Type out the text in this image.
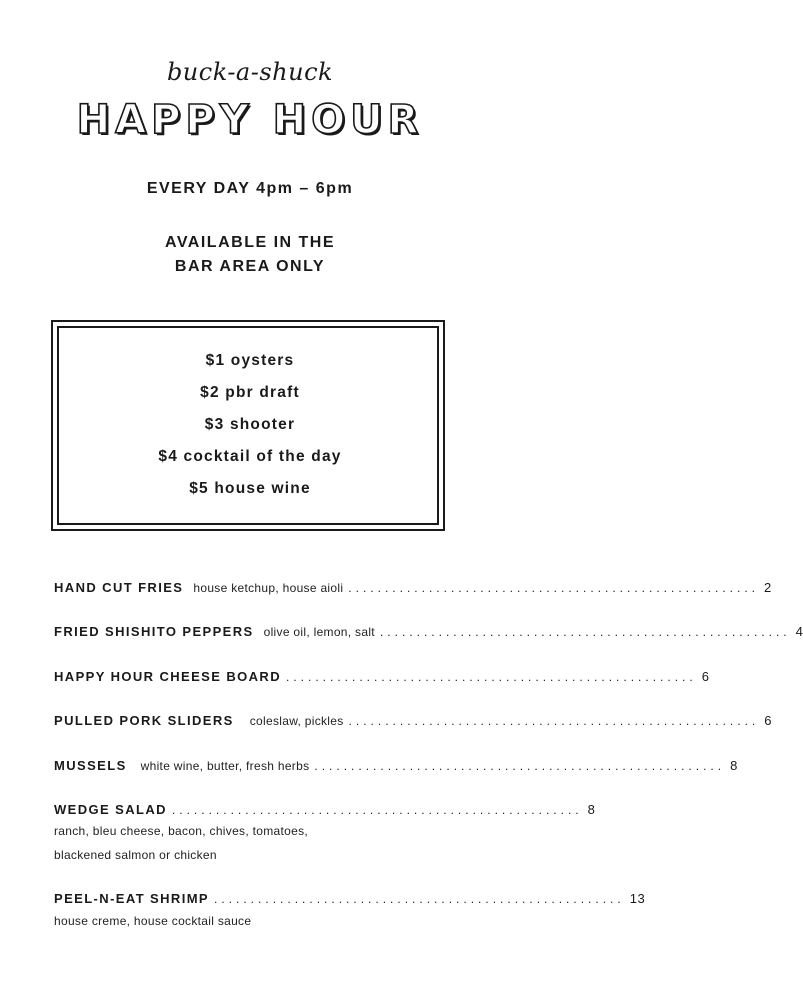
buck-a-shuck
HAPPY HOUR
EVERY DAY 4pm – 6pm
AVAILABLE IN THE
BAR AREA ONLY
$1 oysters
$2 pbr draft
$3 shooter
$4 cocktail of the day
$5 house wine
HAND CUT FRIES house ketchup, house aioli ........................................................ 2
FRIED SHISHITO PEPPERS olive oil, lemon, salt ........................................................ 4
HAPPY HOUR CHEESE BOARD ........................................................ 6
PULLED PORK SLIDERS coleslaw, pickles ........................................................ 6
MUSSELS white wine, butter, fresh herbs ........................................................ 8
WEDGE SALAD ........................................................ 8
ranch, bleu cheese, bacon, chives, tomatoes,
blackened salmon or chicken
PEEL-N-EAT SHRIMP ........................................................ 13
house creme, house cocktail sauce
